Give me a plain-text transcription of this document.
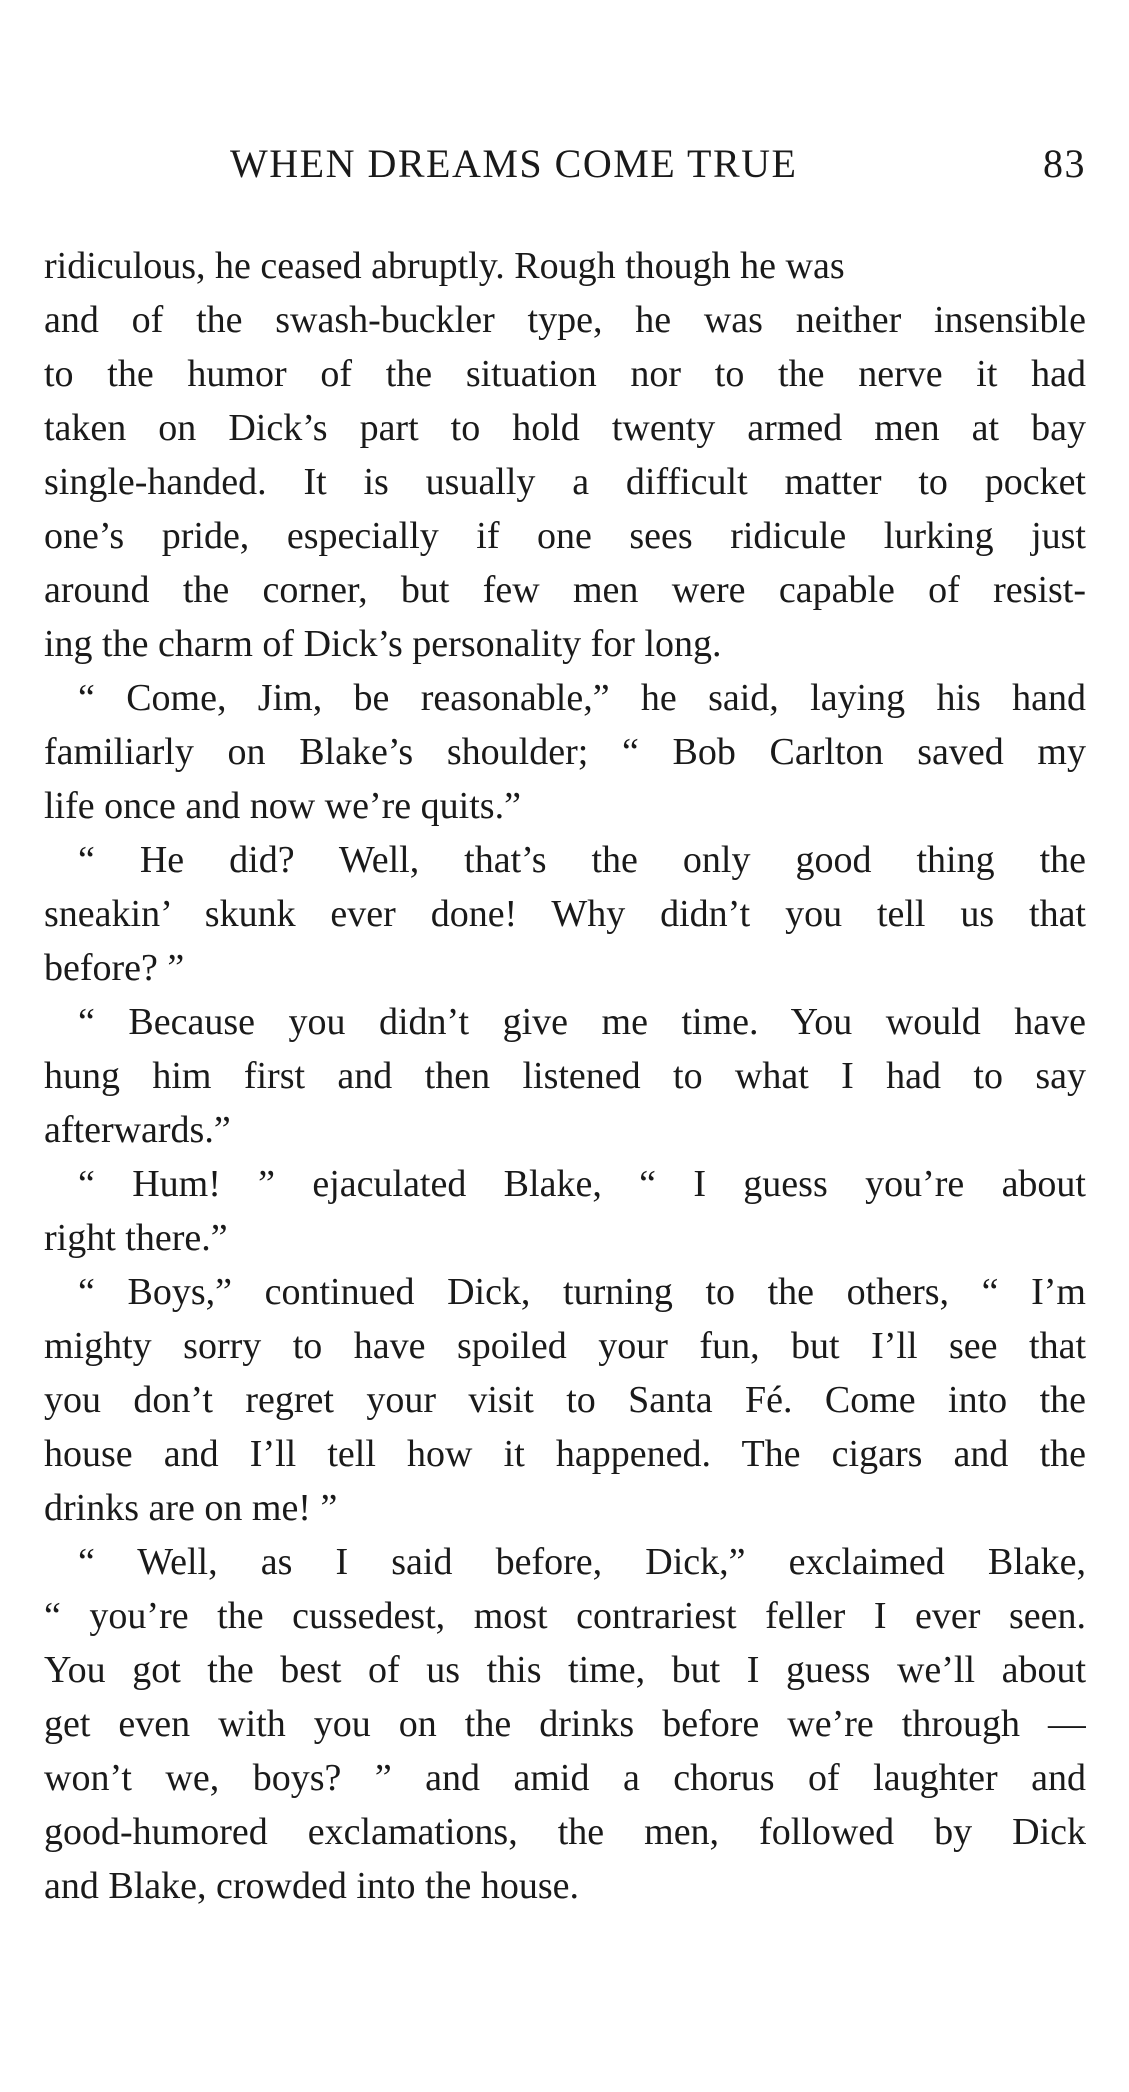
WHEN DREAMS COME TRUE	83
ridiculous, he ceased abruptly. Rough though he was
and of the swash-buckler type, he was neither insensible
to the humor of the situation nor to the nerve it had
taken on Dick’s part to hold twenty armed men at bay
single-handed. It is usually a difficult matter to pocket
one’s pride, especially if one sees ridicule lurking just
around the corner, but few men were capable of resist-
ing the charm of Dick’s personality for long.
“ Come, Jim, be reasonable,” he said, laying his hand
familiarly on Blake’s shoulder; “ Bob Carlton saved my
life once and now we’re quits.”
“ He did? Well, that’s the only good thing the
sneakin’ skunk ever done! Why didn’t you tell us that
before? ”
“ Because you didn’t give me time. You would have
hung him first and then listened to what I had to say
afterwards.”
“ Hum! ” ejaculated Blake, “ I guess you’re about
right there.”
“ Boys,” continued Dick, turning to the others, “ I’m
mighty sorry to have spoiled your fun, but I’ll see that
you don’t regret your visit to Santa Fé. Come into the
house and I’ll tell how it happened. The cigars and the
drinks are on me! ”
“ Well, as I said before, Dick,” exclaimed Blake,
“ you’re the cussedest, most contrariest feller I ever seen.
You got the best of us this time, but I guess we’ll about
get even with you on the drinks before we’re through —
won’t we, boys? ” and amid a chorus of laughter and
good-humored exclamations, the men, followed by Dick
and Blake, crowded into the house.
